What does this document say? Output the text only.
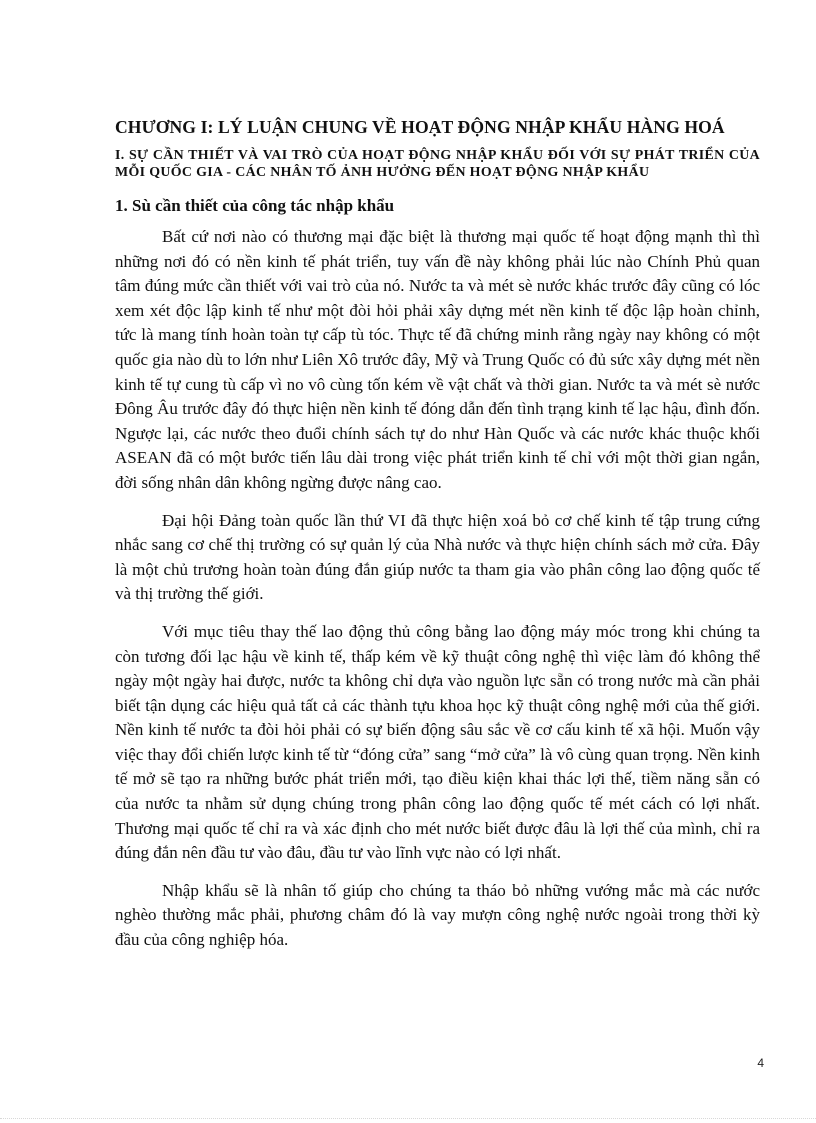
CHƯƠNG I: LÝ LUẬN CHUNG VỀ HOẠT ĐỘNG NHẬP KHẨU HÀNG HOÁ
I. SỰ CẦN THIẾT VÀ VAI TRÒ CỦA HOẠT ĐỘNG NHẬP KHẨU ĐỐI VỚI SỰ PHÁT TRIỂN CỦA MỖI QUỐC GIA - CÁC NHÂN TỐ ẢNH HƯỞNG ĐẾN HOẠT ĐỘNG NHẬP KHẨU
1. Sù cần thiết của công tác nhập khẩu

Bất cứ nơi nào có thương mại đặc biệt là thương mại quốc tế hoạt động mạnh thì thì những nơi đó có nền kinh tế phát triển, tuy vấn đề này không phải lúc nào Chính Phủ quan tâm đúng mức cần thiết với vai trò của nó. Nước ta và mét sè nước khác trước đây cũng có lóc xem xét độc lập kinh tế như một đòi hỏi phải xây dựng mét nền kinh tế độc lập hoàn chỉnh, tức là mang tính hoàn toàn tự cấp tù tóc. Thực tế đã chứng minh rằng ngày nay không có một quốc gia nào dù to lớn như Liên Xô trước đây, Mỹ và Trung Quốc có đủ sức xây dựng mét nền kinh tế tự cung tù cấp vì no vô cùng tốn kém về vật chất và thời gian. Nước ta và mét sè nước Đông Âu trước đây đó thực hiện nền kinh tế đóng dẫn đến tình trạng kinh tế lạc hậu, đình đốn. Ngược lại, các nước theo đuổi chính sách tự do như Hàn Quốc và các nước khác thuộc khối ASEAN đã có một bước tiến lâu dài trong việc phát triển kinh tế chỉ với một thời gian ngắn, đời sống nhân dân không ngừng được nâng cao.

Đại hội Đảng toàn quốc lần thứ VI đã thực hiện xoá bỏ cơ chế kinh tế tập trung cứng nhắc sang cơ chế thị trường có sự quản lý của Nhà nước và thực hiện chính sách mở cửa. Đây là một chủ trương hoàn toàn đúng đắn giúp nước ta tham gia vào phân công lao động quốc tế và thị trường thế giới.

Với mục tiêu thay thế lao động thủ công bằng lao động máy móc trong khi chúng ta còn tương đối lạc hậu về kinh tế, thấp kém về kỹ thuật công nghệ thì việc làm đó không thể ngày một ngày hai được, nước ta không chỉ dựa vào nguồn lực sẵn có trong nước mà cần phải biết tận dụng các hiệu quả tất cả các thành tựu khoa học kỹ thuật công nghệ mới của thế giới. Nền kinh tế nước ta đòi hỏi phải có sự biến động sâu sắc về cơ cấu kinh tế xã hội. Muốn vậy việc thay đổi chiến lược kinh tế từ “đóng cửa” sang “mở cửa” là vô cùng quan trọng. Nền kinh tế mở sẽ tạo ra những bước phát triển mới, tạo điều kiện khai thác lợi thế, tiềm năng sẵn có của nước ta nhằm sử dụng chúng trong phân công lao động quốc tế mét cách có lợi nhất. Thương mại quốc tế chỉ ra và xác định cho mét nước biết được đâu là lợi thế của mình, chỉ ra đúng đắn nên đầu tư vào đâu, đầu tư vào lĩnh vực nào có lợi nhất.

Nhập khẩu sẽ là nhân tố giúp cho chúng ta tháo bỏ những vướng mắc mà các nước nghèo thường mắc phải, phương châm đó là vay mượn công nghệ nước ngoài trong thời kỳ đầu của công nghiệp hóa.

4
